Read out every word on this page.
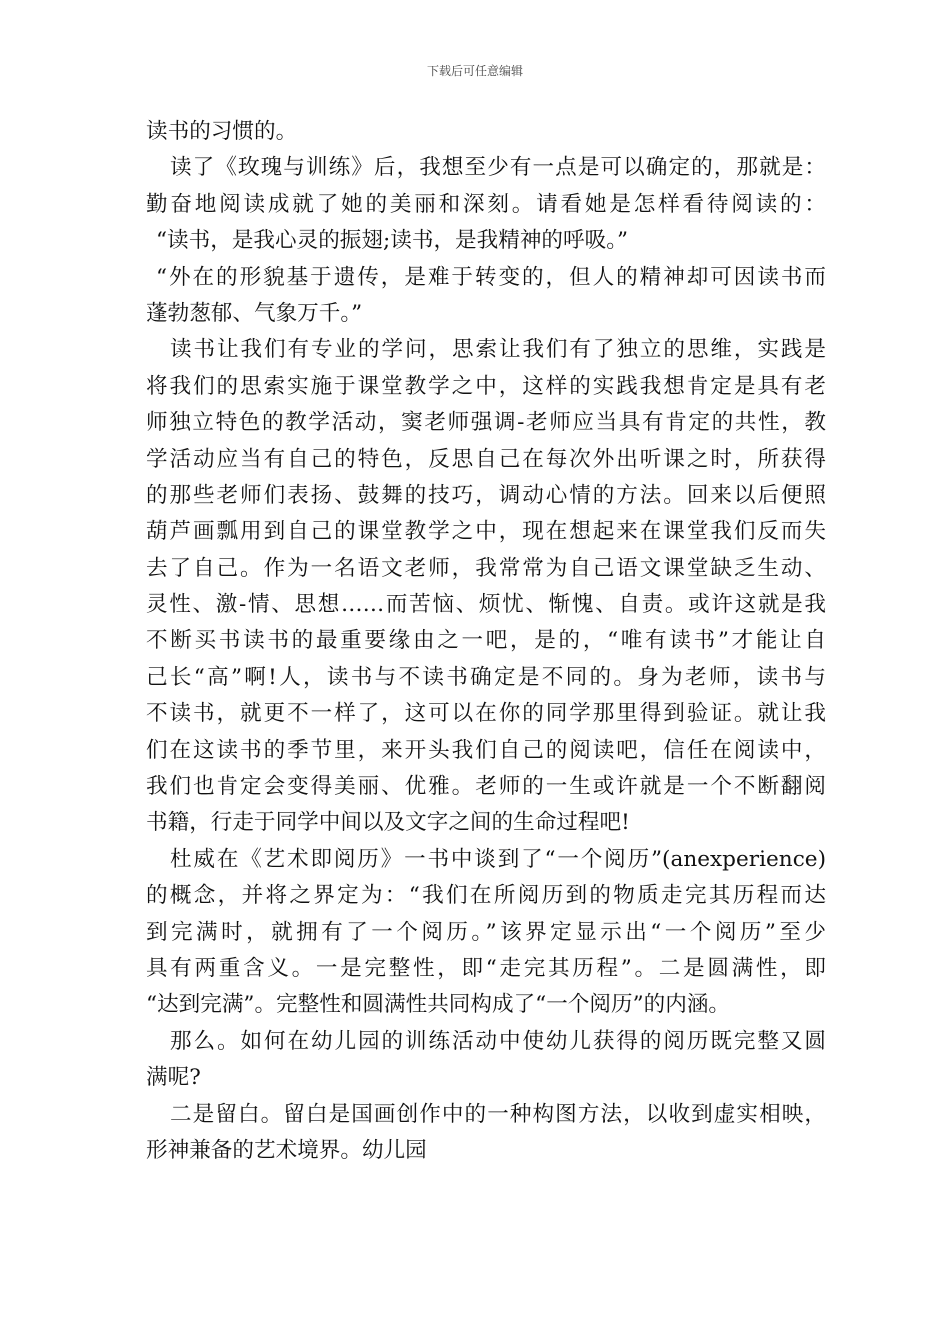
下载后可任意编辑
读书的习惯的。
读了《玫瑰与训练》后，我想至少有一点是可以确定的，那就是：
勤奋地阅读成就了她的美丽和深刻。请看她是怎样看待阅读的：
“读书，是我心灵的振翅;读书，是我精神的呼吸。”
“外在的形貌基于遗传，是难于转变的，但人的精神却可因读书而
蓬勃葱郁、气象万千。”
读书让我们有专业的学问，思索让我们有了独立的思维，实践是
将我们的思索实施于课堂教学之中，这样的实践我想肯定是具有老
师独立特色的教学活动，窦老师强调-老师应当具有肯定的共性，教
学活动应当有自己的特色，反思自己在每次外出听课之时，所获得
的那些老师们表扬、鼓舞的技巧，调动心情的方法。回来以后便照
葫芦画瓢用到自己的课堂教学之中，现在想起来在课堂我们反而失
去了自己。作为一名语文老师，我常常为自己语文课堂缺乏生动、
灵性、激-情、思想……而苦恼、烦忧、惭愧、自责。或许这就是我
不断买书读书的最重要缘由之一吧，是的，“唯有读书”才能让自
己长“高”啊!人，读书与不读书确定是不同的。身为老师，读书与
不读书，就更不一样了，这可以在你的同学那里得到验证。就让我
们在这读书的季节里，来开头我们自己的阅读吧，信任在阅读中，
我们也肯定会变得美丽、优雅。老师的一生或许就是一个不断翻阅
书籍，行走于同学中间以及文字之间的生命过程吧!
杜威在《艺术即阅历》一书中谈到了“一个阅历”(anexperience)
的概念，并将之界定为：“我们在所阅历到的物质走完其历程而达
到完满时，就拥有了一个阅历。”该界定显示出“一个阅历”至少
具有两重含义。一是完整性，即“走完其历程”。二是圆满性，即
“达到完满”。完整性和圆满性共同构成了“一个阅历”的内涵。
那么。如何在幼儿园的训练活动中使幼儿获得的阅历既完整又圆
满呢?
二是留白。留白是国画创作中的一种构图方法，以收到虚实相映，
形神兼备的艺术境界。幼儿园
